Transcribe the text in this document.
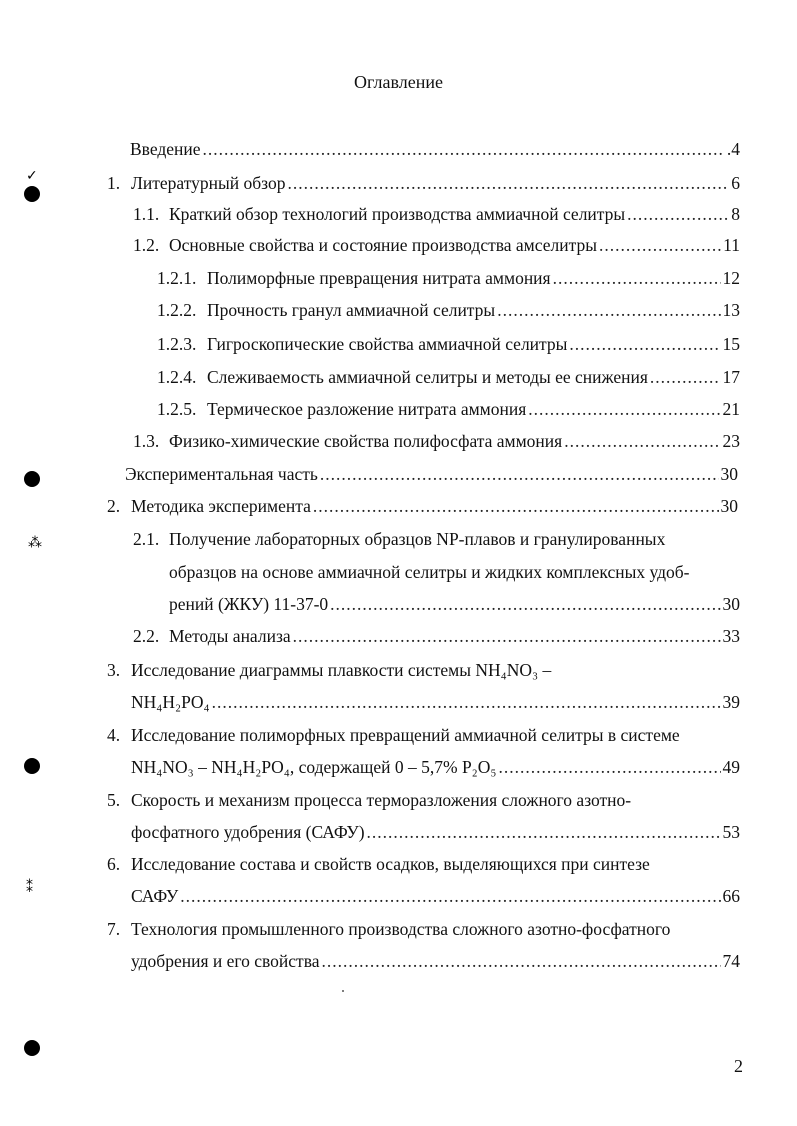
Оглавление
✓
⁂
⁑
Введение .....	.4
1. Литературный обзор .....	6
1.1. Краткий обзор технологий производства аммиачной селитры .....	8
1.2. Основные свойства и состояние производства амселитры .....	11
1.2.1. Полиморфные превращения нитрата аммония .....	12
1.2.2. Прочность гранул аммиачной селитры .....	13
1.2.3. Гигроскопические свойства аммиачной селитры .....	15
1.2.4. Слеживаемость аммиачной селитры и методы ее снижения .....	17
1.2.5. Термическое разложение нитрата аммония .....	21
1.3. Физико-химические свойства полифосфата аммония .....	23
Экспериментальная часть .....	30
2. Методика эксперимента .....	30
2.1. Получение лабораторных образцов NP-плавов и гранулированных
образцов на основе аммиачной селитры и жидких комплексных удоб-
рений (ЖКУ) 11-37-0 .....	30
2.2. Методы анализа .....	33
3. Исследование диаграммы плавкости системы NH₄NO₃ –
NH₄H₂PO₄ .....	39
4. Исследование полиморфных превращений аммиачной селитры в системе
NH₄NO₃ – NH₄H₂PO₄, содержащей 0 – 5,7% P₂O₅ .....	49
5. Скорость и механизм процесса терморазложения сложного азотно-
фосфатного удобрения (САФУ) .....	53
6. Исследование состава и свойств осадков, выделяющихся при синтезе
САФУ .....	66
7. Технология промышленного производства сложного азотно-фосфатного
удобрения и его свойства .....	74
2
